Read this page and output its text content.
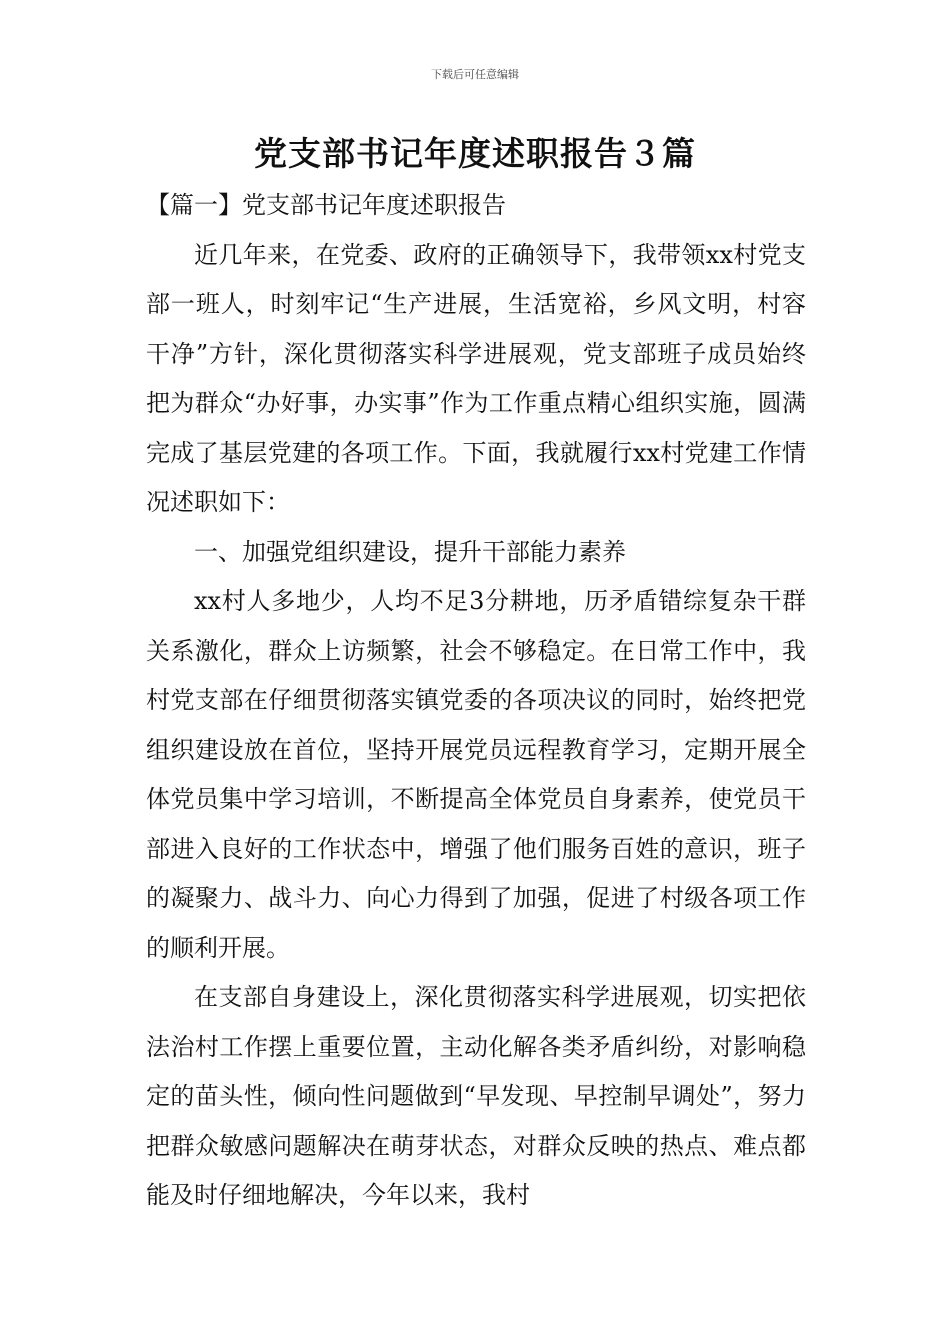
下载后可任意编辑
党支部书记年度述职报告３篇

【篇一】党支部书记年度述职报告

近几年来，在党委、政府的正确领导下，我带领xx村党支部一班人，时刻牢记“生产进展，生活宽裕，乡风文明，村容干净”方针，深化贯彻落实科学进展观，党支部班子成员始终把为群众“办好事，办实事”作为工作重点精心组织实施，圆满完成了基层党建的各项工作。下面，我就履行xx村党建工作情况述职如下：

一、加强党组织建设，提升干部能力素养

xx村人多地少，人均不足3分耕地，历矛盾错综复杂干群关系激化，群众上访频繁，社会不够稳定。在日常工作中，我村党支部在仔细贯彻落实镇党委的各项决议的同时，始终把党组织建设放在首位，坚持开展党员远程教育学习，定期开展全体党员集中学习培训，不断提高全体党员自身素养，使党员干部进入良好的工作状态中，增强了他们服务百姓的意识，班子的凝聚力、战斗力、向心力得到了加强，促进了村级各项工作的顺利开展。

在支部自身建设上，深化贯彻落实科学进展观，切实把依法治村工作摆上重要位置，主动化解各类矛盾纠纷，对影响稳定的苗头性，倾向性问题做到“早发现、早控制早调处”，努力把群众敏感问题解决在萌芽状态，对群众反映的热点、难点都能及时仔细地解决，今年以来，我村
